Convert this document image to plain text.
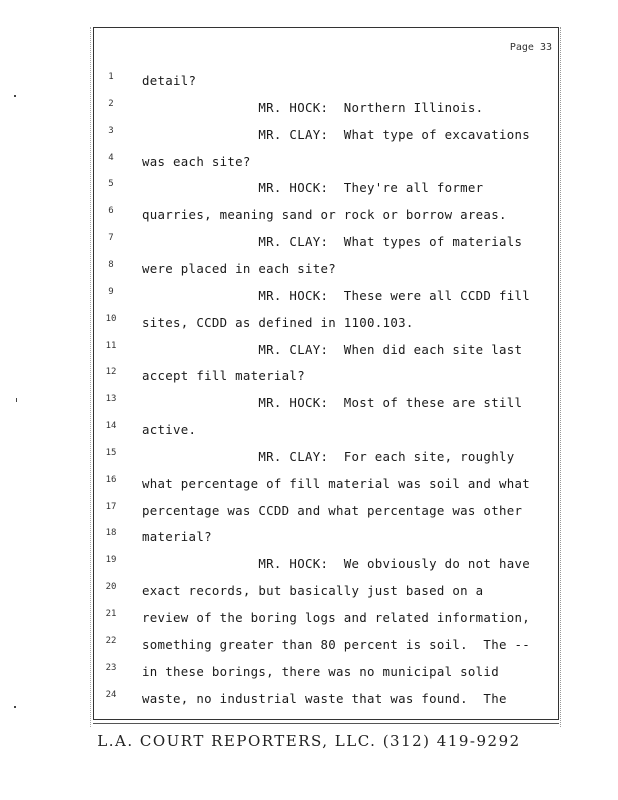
Page 33
1	detail?
2	MR. HOCK:  Northern Illinois.
3	MR. CLAY:  What type of excavations
4	was each site?
5	MR. HOCK:  They're all former
6	quarries, meaning sand or rock or borrow areas.
7	MR. CLAY:  What types of materials
8	were placed in each site?
9	MR. HOCK:  These were all CCDD fill
10 sites, CCDD as defined in 1100.103.
11 MR. CLAY:  When did each site last
12 accept fill material?
13 MR. HOCK:  Most of these are still
14 active.
15 MR. CLAY:  For each site, roughly
16 what percentage of fill material was soil and what
17 percentage was CCDD and what percentage was other
18 material?
19 MR. HOCK:  We obviously do not have
20 exact records, but basically just based on a
21 review of the boring logs and related information,
22 something greater than 80 percent is soil.  The --
23 in these borings, there was no municipal solid
24 waste, no industrial waste that was found.  The
L.A. COURT REPORTERS, LLC. (312) 419-9292
